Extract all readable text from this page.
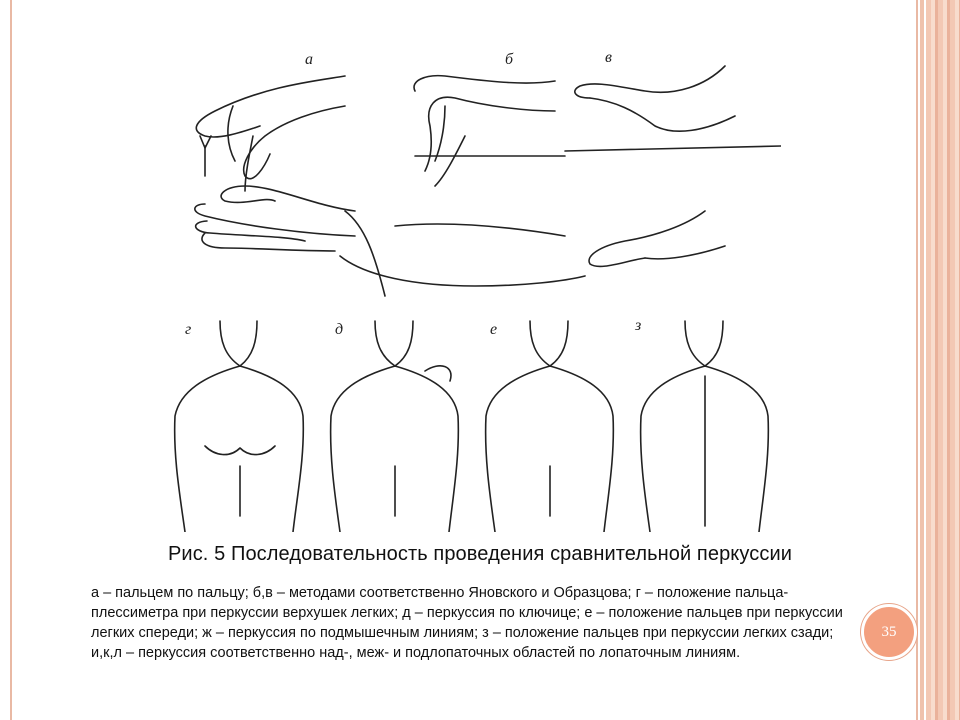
а	б	в
г	д	е	з
Рис. 5 Последовательность проведения сравнительной перкуссии
а – пальцем по пальцу; б,в – методами соответственно Яновского и Образцова; г – положение пальца-плессиметра при перкуссии верхушек легких; д – перкуссия по ключице; е – положение пальцев при перкуссии легких спереди; ж – перкуссия по подмышечным линиям; з – положение пальцев при перкуссии легких сзади; и,к,л – перкуссия соответственно над-, меж- и подлопаточных областей по лопаточным линиям.
35
